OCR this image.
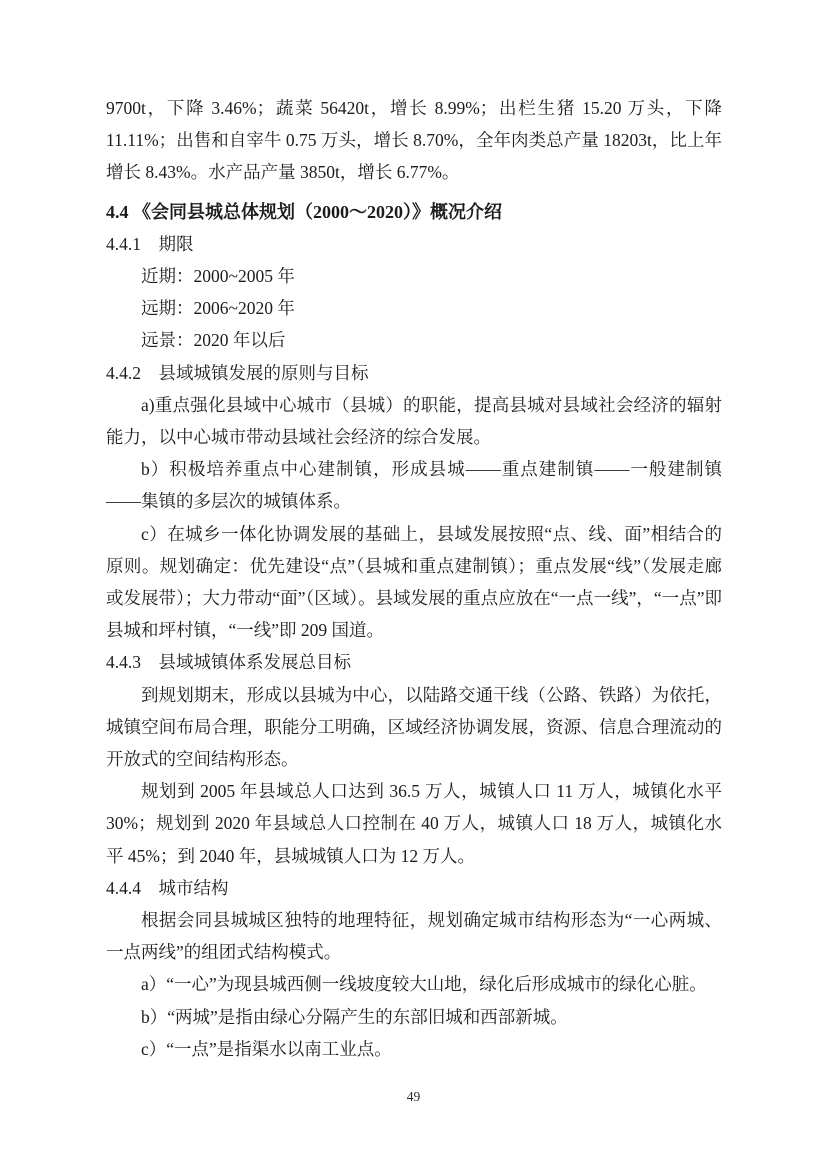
9700t，下降 3.46%；蔬菜 56420t，增长 8.99%；出栏生猪 15.20 万头，下降 11.11%；出售和自宰牛 0.75 万头，增长 8.70%，全年肉类总产量 18203t，比上年增长 8.43%。水产品产量 3850t，增长 6.77%。

4.4 《会同县城总体规划（2000～2020）》概况介绍

4.4.1　期限

近期：2000~2005 年

远期：2006~2020 年

远景：2020 年以后

4.4.2　县域城镇发展的原则与目标

a)重点强化县域中心城市（县城）的职能，提高县城对县域社会经济的辐射能力，以中心城市带动县域社会经济的综合发展。

b）积极培养重点中心建制镇，形成县城——重点建制镇——一般建制镇——集镇的多层次的城镇体系。

c）在城乡一体化协调发展的基础上，县域发展按照“点、线、面”相结合的原则。规划确定：优先建设“点”（县城和重点建制镇）；重点发展“线”（发展走廊或发展带）；大力带动“面”（区域）。县域发展的重点应放在“一点一线”，“一点”即县城和坪村镇，“一线”即 209 国道。

4.4.3　县域城镇体系发展总目标

到规划期末，形成以县城为中心，以陆路交通干线（公路、铁路）为依托，城镇空间布局合理，职能分工明确，区域经济协调发展，资源、信息合理流动的开放式的空间结构形态。

规划到 2005 年县域总人口达到 36.5 万人，城镇人口 11 万人，城镇化水平 30%；规划到 2020 年县域总人口控制在 40 万人，城镇人口 18 万人，城镇化水平 45%；到 2040 年，县城城镇人口为 12 万人。

4.4.4　城市结构

根据会同县城城区独特的地理特征，规划确定城市结构形态为“一心两城、一点两线”的组团式结构模式。

a）“一心”为现县城西侧一线坡度较大山地，绿化后形成城市的绿化心脏。

b）“两城”是指由绿心分隔产生的东部旧城和西部新城。

c）“一点”是指渠水以南工业点。

49
